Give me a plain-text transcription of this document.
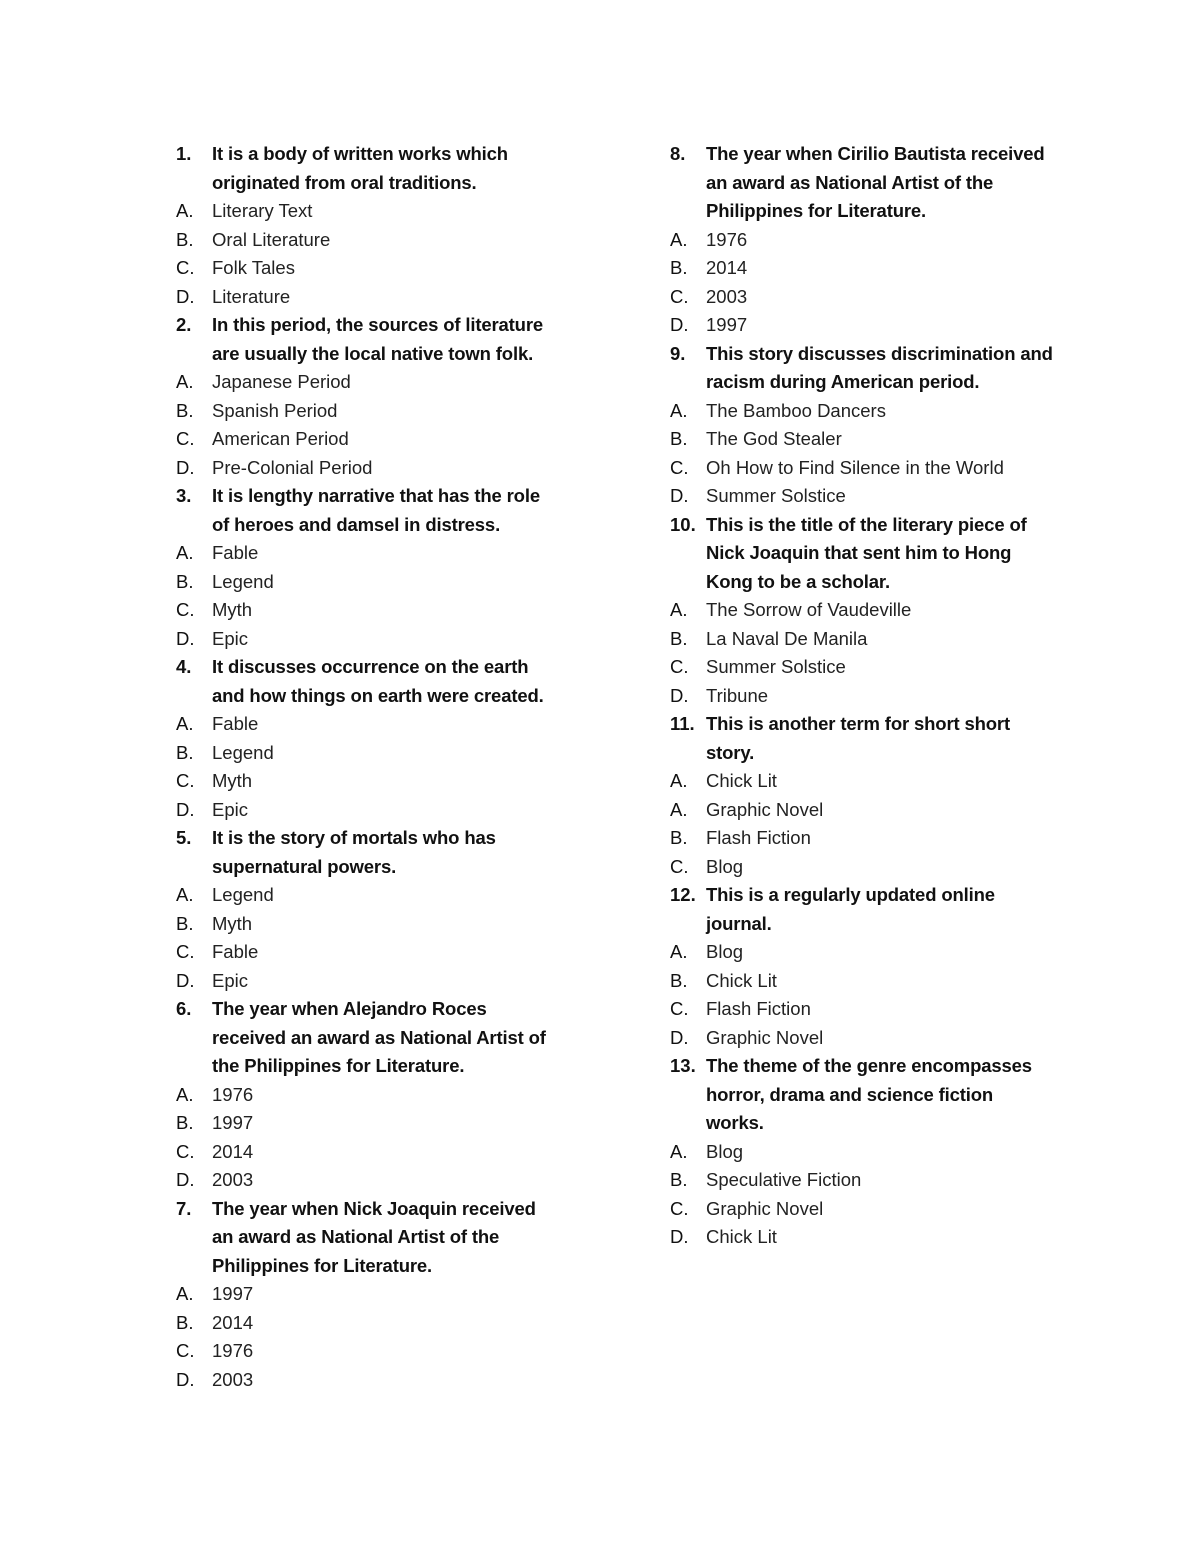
1. It is a body of written works which
originated from oral traditions.
A. Literary Text
B. Oral Literature
C. Folk Tales
D. Literature
2. In this period, the sources of literature
are usually the local native town folk.
A. Japanese Period
B. Spanish Period
C. American Period
D. Pre-Colonial Period
3. It is lengthy narrative that has the role
of heroes and damsel in distress.
A. Fable
B. Legend
C. Myth
D. Epic
4. It discusses occurrence on the earth
and how things on earth were created.
A. Fable
B. Legend
C. Myth
D. Epic
5. It is the story of mortals who has
supernatural powers.
A. Legend
B. Myth
C. Fable
D. Epic
6. The year when Alejandro Roces
received an award as National Artist of
the Philippines for Literature.
A. 1976
B. 1997
C. 2014
D. 2003
7. The year when Nick Joaquin received
an award as National Artist of the
Philippines for Literature.
A. 1997
B. 2014
C. 1976
D. 2003
8. The year when Cirilio Bautista received
an award as National Artist of the
Philippines for Literature.
A. 1976
B. 2014
C. 2003
D. 1997
9. This story discusses discrimination and
racism during American period.
A. The Bamboo Dancers
B. The God Stealer
C. Oh How to Find Silence in the World
D. Summer Solstice
10. This is the title of the literary piece of
Nick Joaquin that sent him to Hong
Kong to be a scholar.
A. The Sorrow of Vaudeville
B. La Naval De Manila
C. Summer Solstice
D. Tribune
11. This is another term for short short
story.
A. Chick Lit
A. Graphic Novel
B. Flash Fiction
C. Blog
12. This is a regularly updated online
journal.
A. Blog
B. Chick Lit
C. Flash Fiction
D. Graphic Novel
13. The theme of the genre encompasses
horror, drama and science fiction
works.
A. Blog
B. Speculative Fiction
C. Graphic Novel
D. Chick Lit
